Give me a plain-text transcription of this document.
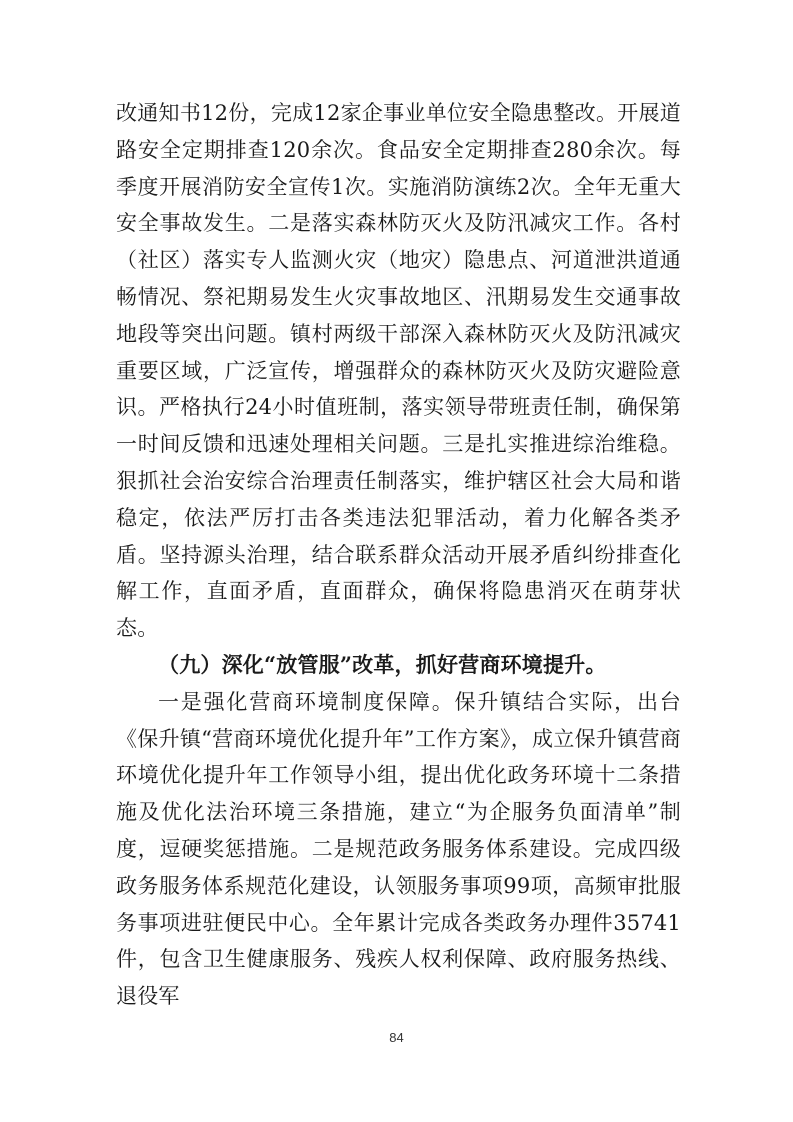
改通知书12份，完成12家企事业单位安全隐患整改。开展道路安全定期排查120余次。食品安全定期排查280余次。每季度开展消防安全宣传1次。实施消防演练2次。全年无重大安全事故发生。二是落实森林防灭火及防汛减灾工作。各村（社区）落实专人监测火灾（地灾）隐患点、河道泄洪道通畅情况、祭祀期易发生火灾事故地区、汛期易发生交通事故地段等突出问题。镇村两级干部深入森林防灭火及防汛减灾重要区域，广泛宣传，增强群众的森林防灭火及防灾避险意识。严格执行24小时值班制，落实领导带班责任制，确保第一时间反馈和迅速处理相关问题。三是扎实推进综治维稳。狠抓社会治安综合治理责任制落实，维护辖区社会大局和谐稳定，依法严厉打击各类违法犯罪活动，着力化解各类矛盾。坚持源头治理，结合联系群众活动开展矛盾纠纷排查化解工作，直面矛盾，直面群众，确保将隐患消灭在萌芽状态。

（九）深化“放管服”改革，抓好营商环境提升。

一是强化营商环境制度保障。保升镇结合实际，出台《保升镇“营商环境优化提升年”工作方案》，成立保升镇营商环境优化提升年工作领导小组，提出优化政务环境十二条措施及优化法治环境三条措施，建立“为企服务负面清单”制度，逗硬奖惩措施。二是规范政务服务体系建设。完成四级政务服务体系规范化建设，认领服务事项99项，高频审批服务事项进驻便民中心。全年累计完成各类政务办理件35741件，包含卫生健康服务、残疾人权利保障、政府服务热线、退役军

84
